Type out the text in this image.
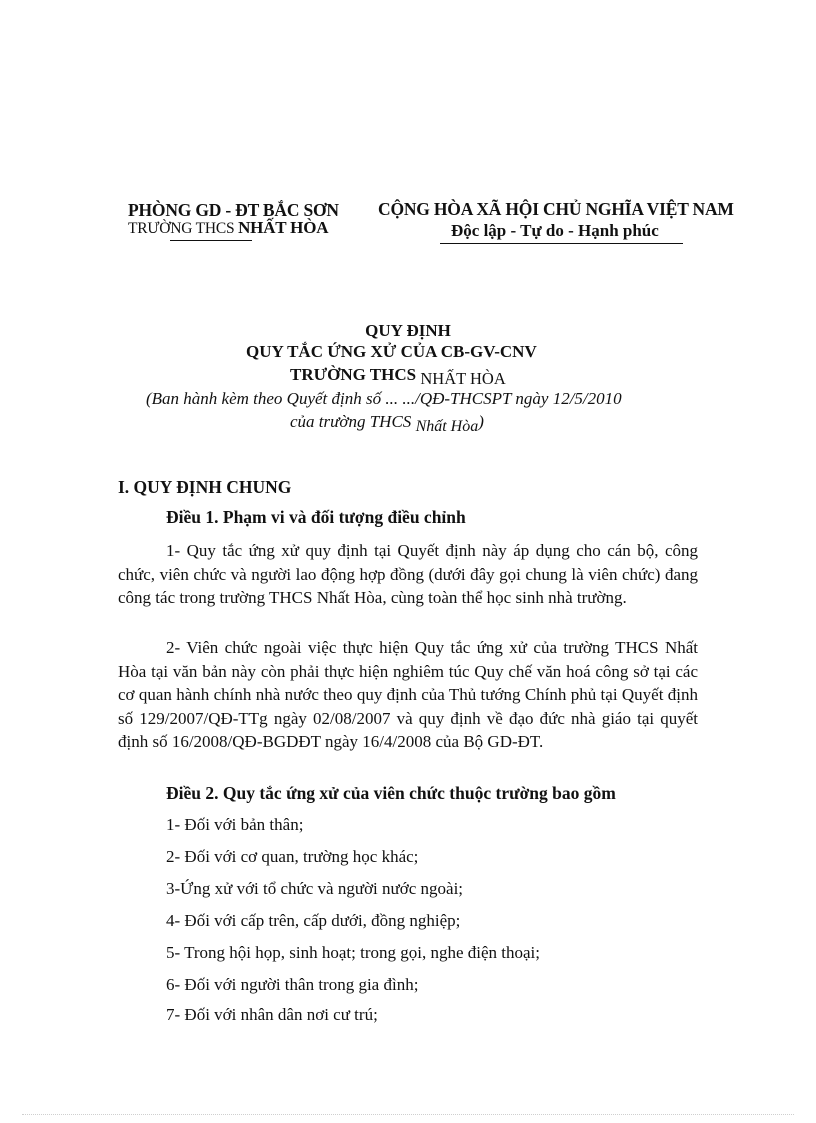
PHÒNG GD - ĐT BẮC SƠN
TRƯỜNG THCS NHẤT HÒA
CỘNG HÒA XÃ HỘI CHỦ NGHĨA VIỆT NAM
Độc lập - Tự do - Hạnh phúc
QUY ĐỊNH
QUY TẮC ỨNG XỬ CỦA CB-GV-CNV
TRƯỜNG THCS NHẤT HÒA
(Ban hành kèm theo Quyết định số ... .../QĐ-THCSPT ngày 12/5/2010
của trường THCS Nhất Hòa)
I. QUY ĐỊNH CHUNG
Điều 1. Phạm vi và đối tượng điều chỉnh
1- Quy tắc ứng xử quy định tại Quyết định này áp dụng cho cán bộ, công chức, viên chức và người lao động hợp đồng (dưới đây gọi chung là viên chức) đang công tác trong trường THCS Nhất Hòa, cùng toàn thể học sinh nhà trường.
2- Viên chức ngoài việc thực hiện Quy tắc ứng xử của trường THCS Nhất Hòa tại văn bản này còn phải thực hiện nghiêm túc Quy chế văn hoá công sở tại các cơ quan hành chính nhà nước theo quy định của Thủ tướng Chính phủ tại Quyết định số 129/2007/QĐ-TTg ngày 02/08/2007 và quy định về đạo đức nhà giáo tại quyết định số 16/2008/QĐ-BGDĐT ngày 16/4/2008 của Bộ GD-ĐT.
Điều 2. Quy tắc ứng xử của viên chức thuộc trường bao gồm
1- Đối với bản thân;
2- Đối với cơ quan, trường học khác;
3-Ứng xử với tổ chức và người nước ngoài;
4- Đối với cấp trên, cấp dưới, đồng nghiệp;
5- Trong hội họp, sinh hoạt; trong gọi, nghe điện thoại;
6- Đối với người thân trong gia đình;
7- Đối với nhân dân nơi cư trú;
